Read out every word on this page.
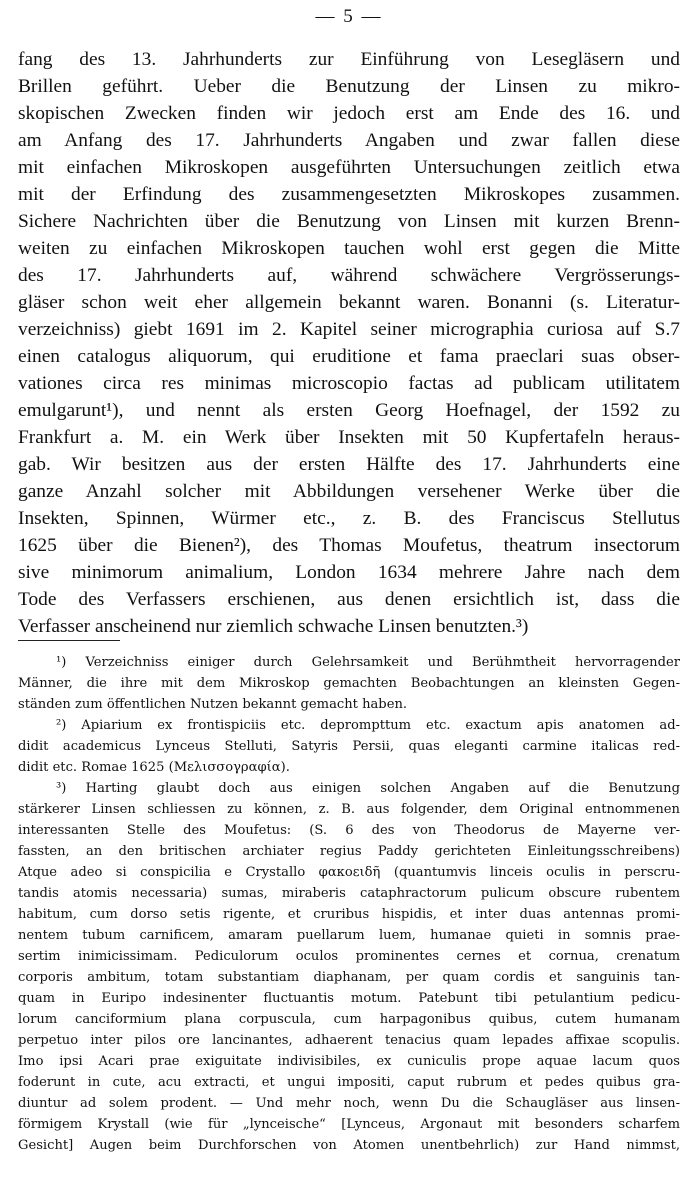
— 5 —
fang des 13. Jahrhunderts zur Einführung von Lesegläsern und
Brillen geführt. Ueber die Benutzung der Linsen zu mikro-
skopischen Zwecken finden wir jedoch erst am Ende des 16. und
am Anfang des 17. Jahrhunderts Angaben und zwar fallen diese
mit einfachen Mikroskopen ausgeführten Untersuchungen zeitlich etwa
mit der Erfindung des zusammengesetzten Mikroskopes zusammen.
Sichere Nachrichten über die Benutzung von Linsen mit kurzen Brenn-
weiten zu einfachen Mikroskopen tauchen wohl erst gegen die Mitte
des 17. Jahrhunderts auf, während schwächere Vergrösserungs-
gläser schon weit eher allgemein bekannt waren. Bonanni (s. Literatur-
verzeichniss) giebt 1691 im 2. Kapitel seiner micrographia curiosa auf S.7
einen catalogus aliquorum, qui eruditione et fama praeclari suas obser-
vationes circa res minimas microscopio factas ad publicam utilitatem
emulgarunt¹), und nennt als ersten Georg Hoefnagel, der 1592 zu
Frankfurt a. M. ein Werk über Insekten mit 50 Kupfertafeln heraus-
gab. Wir besitzen aus der ersten Hälfte des 17. Jahrhunderts eine
ganze Anzahl solcher mit Abbildungen versehener Werke über die
Insekten, Spinnen, Würmer etc., z. B. des Franciscus Stellutus
1625 über die Bienen²), des Thomas Moufetus, theatrum insectorum
sive minimorum animalium, London 1634 mehrere Jahre nach dem
Tode des Verfassers erschienen, aus denen ersichtlich ist, dass die
Verfasser anscheinend nur ziemlich schwache Linsen benutzten.³)
¹) Verzeichniss einiger durch Gelehrsamkeit und Berühmtheit hervorragender
Männer, die ihre mit dem Mikroskop gemachten Beobachtungen an kleinsten Gegen-
ständen zum öffentlichen Nutzen bekannt gemacht haben.
²) Apiarium ex frontispiciis etc. deprompttum etc. exactum apis anatomen ad-
didit academicus Lynceus Stelluti, Satyris Persii, quas eleganti carmine italicas red-
didit etc. Romae 1625 (Μελισσογραφία).
³) Harting glaubt doch aus einigen solchen Angaben auf die Benutzung
stärkerer Linsen schliessen zu können, z. B. aus folgender, dem Original entnommenen
interessanten Stelle des Moufetus: (S. 6 des von Theodorus de Mayerne ver-
fassten, an den britischen archiater regius Paddy gerichteten Einleitungsschreibens)
Atque adeo si conspicilia e Crystallo φακοειδῆ (quantumvis linceis oculis in perscru-
tandis atomis necessaria) sumas, miraberis cataphractorum pulicum obscure rubentem
habitum, cum dorso setis rigente, et cruribus hispidis, et inter duas antennas promi-
nentem tubum carnificem, amaram puellarum luem, humanae quieti in somnis prae-
sertim inimicissimam. Pediculorum oculos prominentes cernes et cornua, crenatum
corporis ambitum, totam substantiam diaphanam, per quam cordis et sanguinis tan-
quam in Euripo indesinenter fluctuantis motum. Patebunt tibi petulantium pedicu-
lorum canciformium plana corpuscula, cum harpagonibus quibus, cutem humanam
perpetuo inter pilos ore lancinantes, adhaerent tenacius quam lepades affixae scopulis.
Imo ipsi Acari prae exiguitate indivisibiles, ex cuniculis prope aquae lacum quos
foderunt in cute, acu extracti, et ungui impositi, caput rubrum et pedes quibus gra-
diuntur ad solem prodent. — Und mehr noch, wenn Du die Schaugläser aus linsen-
förmigem Krystall (wie für „lynceische“ [Lynceus, Argonaut mit besonders scharfem
Gesicht] Augen beim Durchforschen von Atomen unentbehrlich) zur Hand nimmst,
